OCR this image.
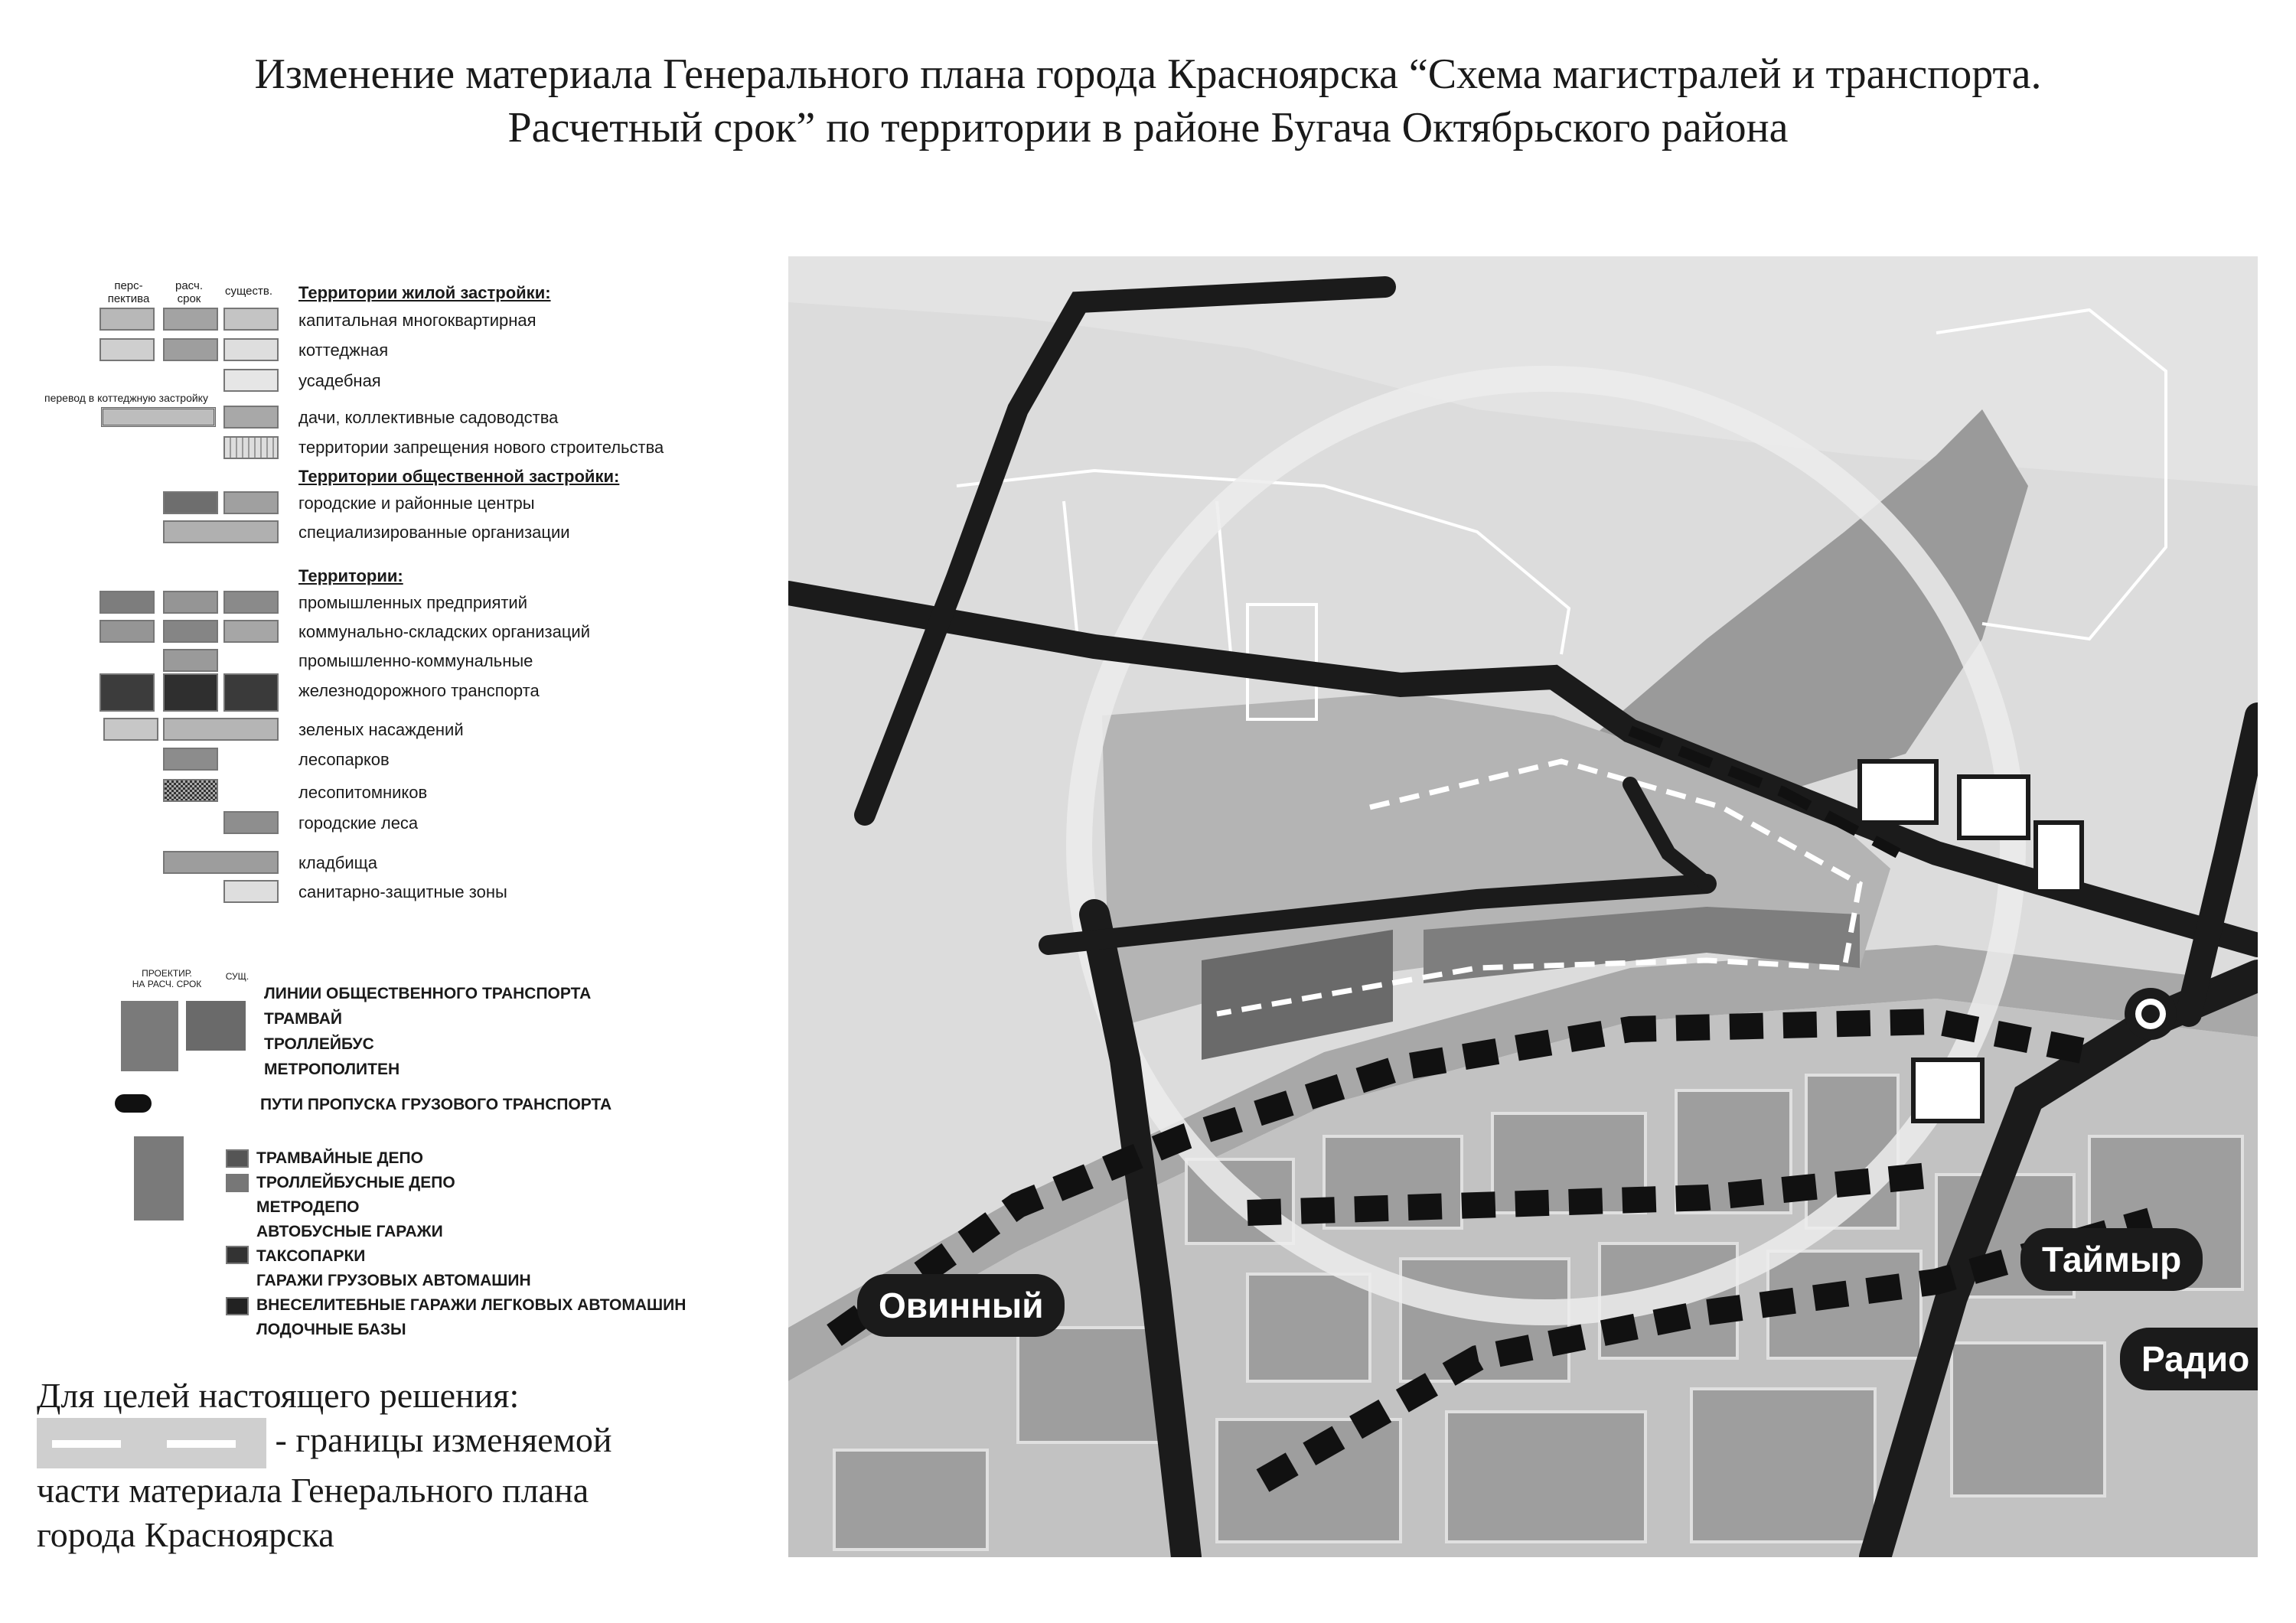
Изменение материала Генерального плана города Красноярска “Схема магистралей и транспорта.
Расчетный срок” по территории в районе Бугача Октябрьского района
перс-
пектива
расч.
срок
существ.	Территории жилой застройки:
капитальная многоквартирная
коттеджная
усадебная
перевод в коттеджную застройку
дачи, коллективные садоводства
территории запрещения нового строительства
Территории общественной застройки:
городские и районные центры
специализированные организации
Территории:
промышленных предприятий
коммунально-складских организаций
промышленно-коммунальные
железнодорожного транспорта
зеленых насаждений
лесопарков
лесопитомников
городские леса
кладбища
санитарно-защитные зоны
ПРОЕКТИР.
НА РАСЧ. СРОК
СУЩ.
ЛИНИИ ОБЩЕСТВЕННОГО ТРАНСПОРТА
ТРАМВАЙ
ТРОЛЛЕЙБУС
МЕТРОПОЛИТЕН
ПУТИ ПРОПУСКА ГРУЗОВОГО ТРАНСПОРТА
ТРАМВАЙНЫЕ ДЕПО
ТРОЛЛЕЙБУСНЫЕ ДЕПО
МЕТРОДЕПО
АВТОБУСНЫЕ ГАРАЖИ
ТАКСОПАРКИ
ГАРАЖИ ГРУЗОВЫХ АВТОМАШИН
ВНЕСЕЛИТЕБНЫЕ ГАРАЖИ ЛЕГКОВЫХ АВТОМАШИН
ЛОДОЧНЫЕ БАЗЫ
Для целей настоящего решения:
- границы изменяемой
части материала Генерального плана
города Красноярска
Овинный
Таймыр
Радио
